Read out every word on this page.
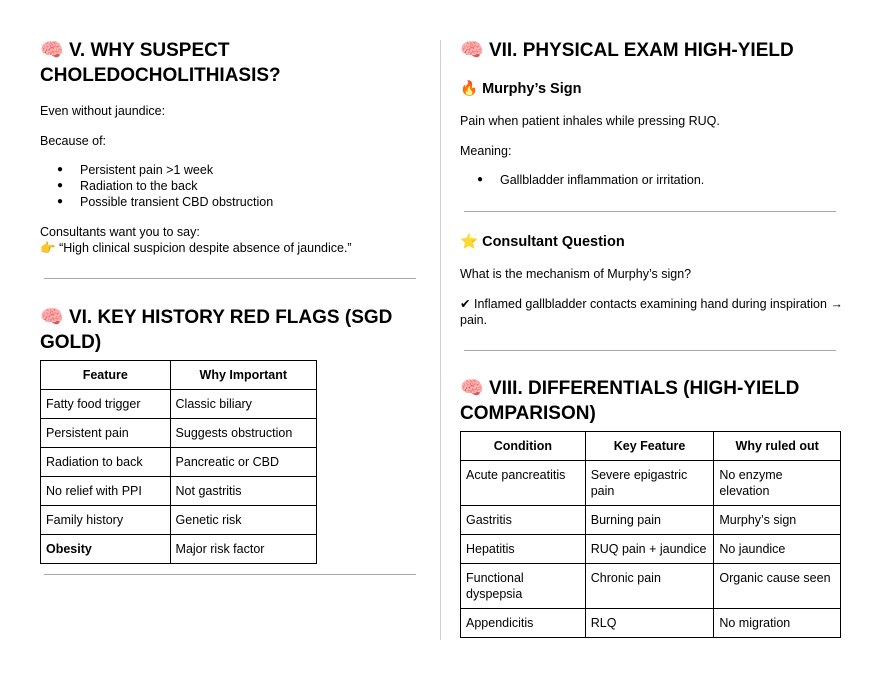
🧠 V. WHY SUSPECT CHOLEDOCHOLITHIASIS?

Even without jaundice:

Because of:

● Persistent pain >1 week
● Radiation to the back
● Possible transient CBD obstruction

Consultants want you to say:

👉 “High clinical suspicion despite absence of jaundice.”

🧠 VI. KEY HISTORY RED FLAGS (SGD GOLD)
Feature	Why Important
Fatty food trigger	Classic biliary
Persistent pain	Suggests obstruction
Radiation to back	Pancreatic or CBD
No relief with PPI	Not gastritis
Family history	Genetic risk
Obesity	Major risk factor
🧠 VII. PHYSICAL EXAM HIGH-YIELD
🔥 Murphy’s Sign

Pain when patient inhales while pressing RUQ.

Meaning:

● Gallbladder inflammation or irritation.
⭐ Consultant Question

What is the mechanism of Murphy’s sign?

✔ Inflamed gallbladder contacts examining hand during inspiration → pain.

🧠 VIII. DIFFERENTIALS (HIGH-YIELD COMPARISON)
Condition	Key Feature	Why ruled out
Acute pancreatitis	Severe epigastric pain	No enzyme elevation
Gastritis	Burning pain	Murphy’s sign
Hepatitis	RUQ pain + jaundice	No jaundice
Functional dyspepsia	Chronic pain	Organic cause seen
Appendicitis	RLQ	No migration
